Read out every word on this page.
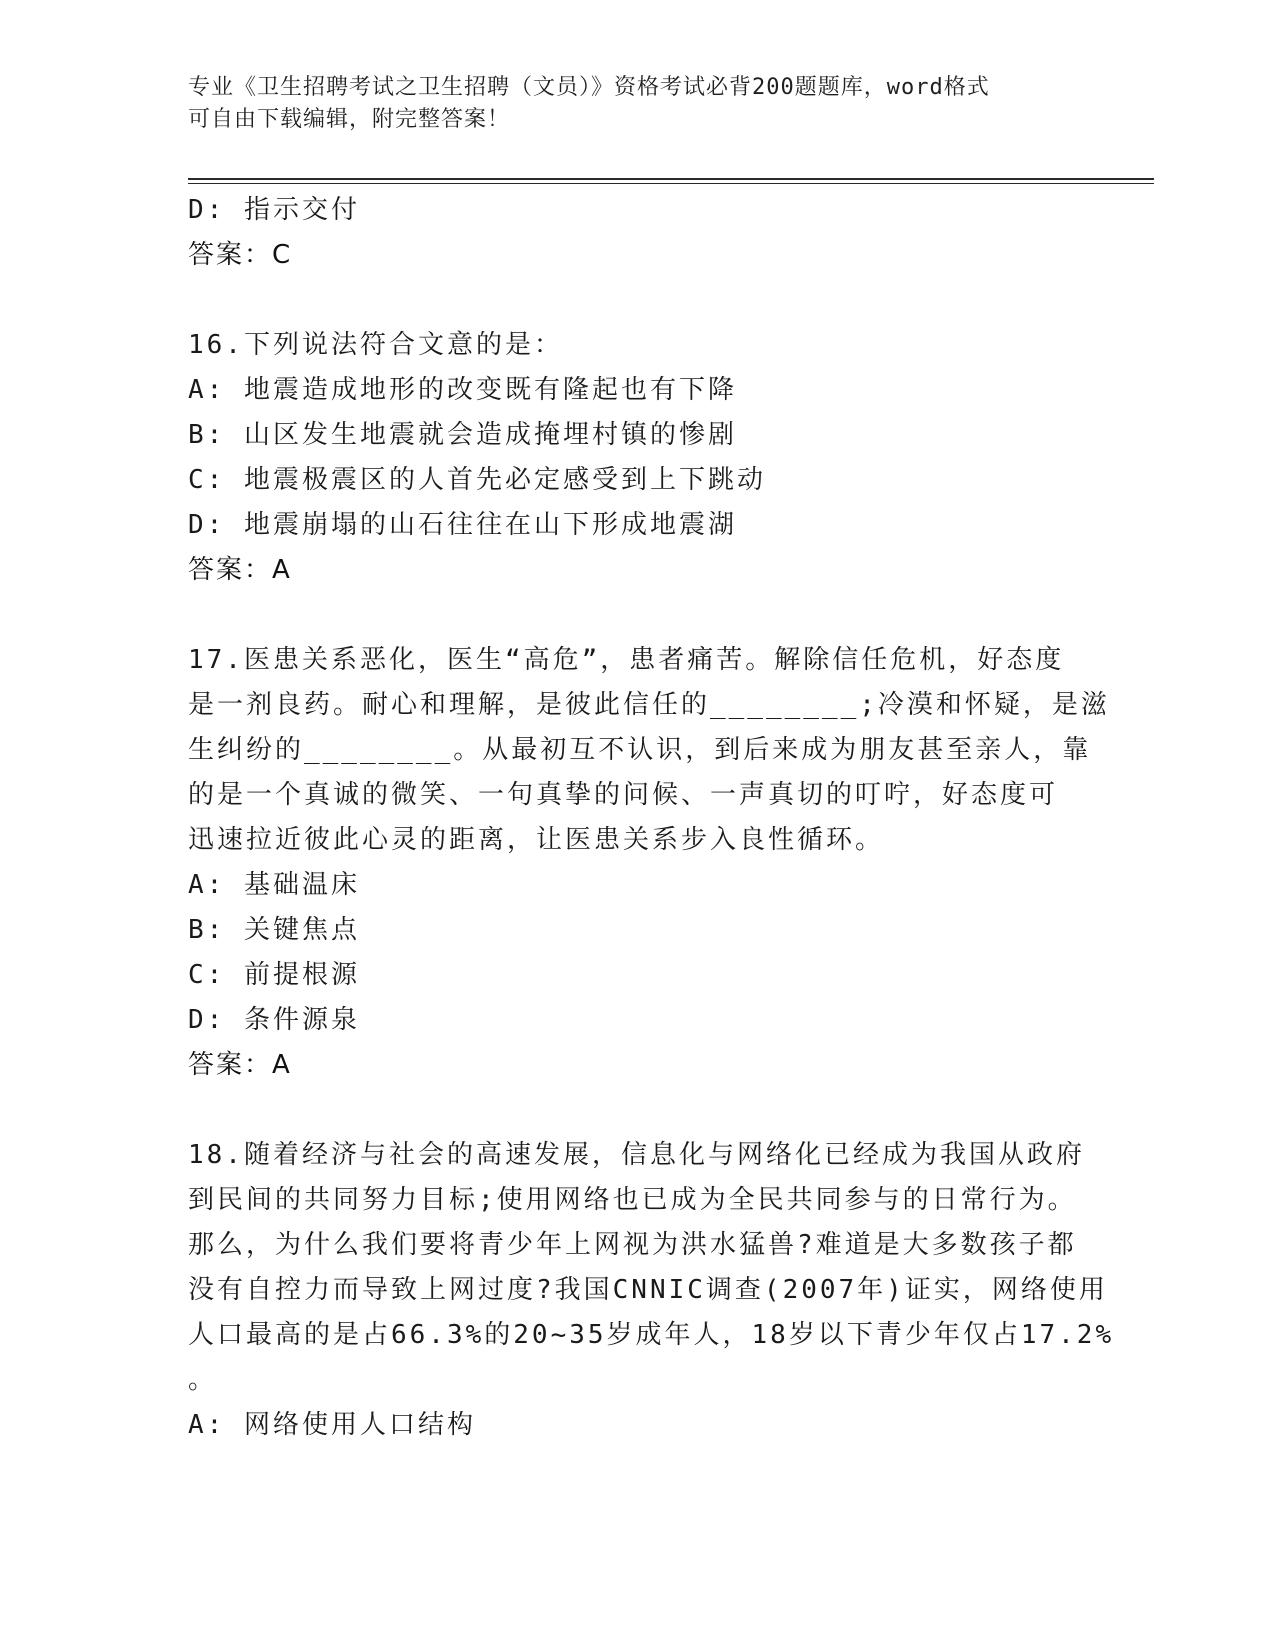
专业《卫生招聘考试之卫生招聘（文员）》资格考试必背200题题库，word格式
可自由下载编辑，附完整答案！
D: 指示交付
答案：C
16.下列说法符合文意的是：
A: 地震造成地形的改变既有隆起也有下降
B: 山区发生地震就会造成掩埋村镇的惨剧
C: 地震极震区的人首先必定感受到上下跳动
D: 地震崩塌的山石往往在山下形成地震湖
答案：A
17.医患关系恶化，医生“高危”，患者痛苦。解除信任危机，好态度
是一剂良药。耐心和理解，是彼此信任的________;冷漠和怀疑，是滋
生纠纷的________。从最初互不认识，到后来成为朋友甚至亲人，靠
的是一个真诚的微笑、一句真挚的问候、一声真切的叮咛，好态度可
迅速拉近彼此心灵的距离，让医患关系步入良性循环。
A: 基础温床
B: 关键焦点
C: 前提根源
D: 条件源泉
答案：A
18.随着经济与社会的高速发展，信息化与网络化已经成为我国从政府
到民间的共同努力目标;使用网络也已成为全民共同参与的日常行为。
那么，为什么我们要将青少年上网视为洪水猛兽?难道是大多数孩子都
没有自控力而导致上网过度?我国CNNIC调查(2007年)证实，网络使用
人口最高的是占66.3%的20~35岁成年人，18岁以下青少年仅占17.2%
。
A: 网络使用人口结构
